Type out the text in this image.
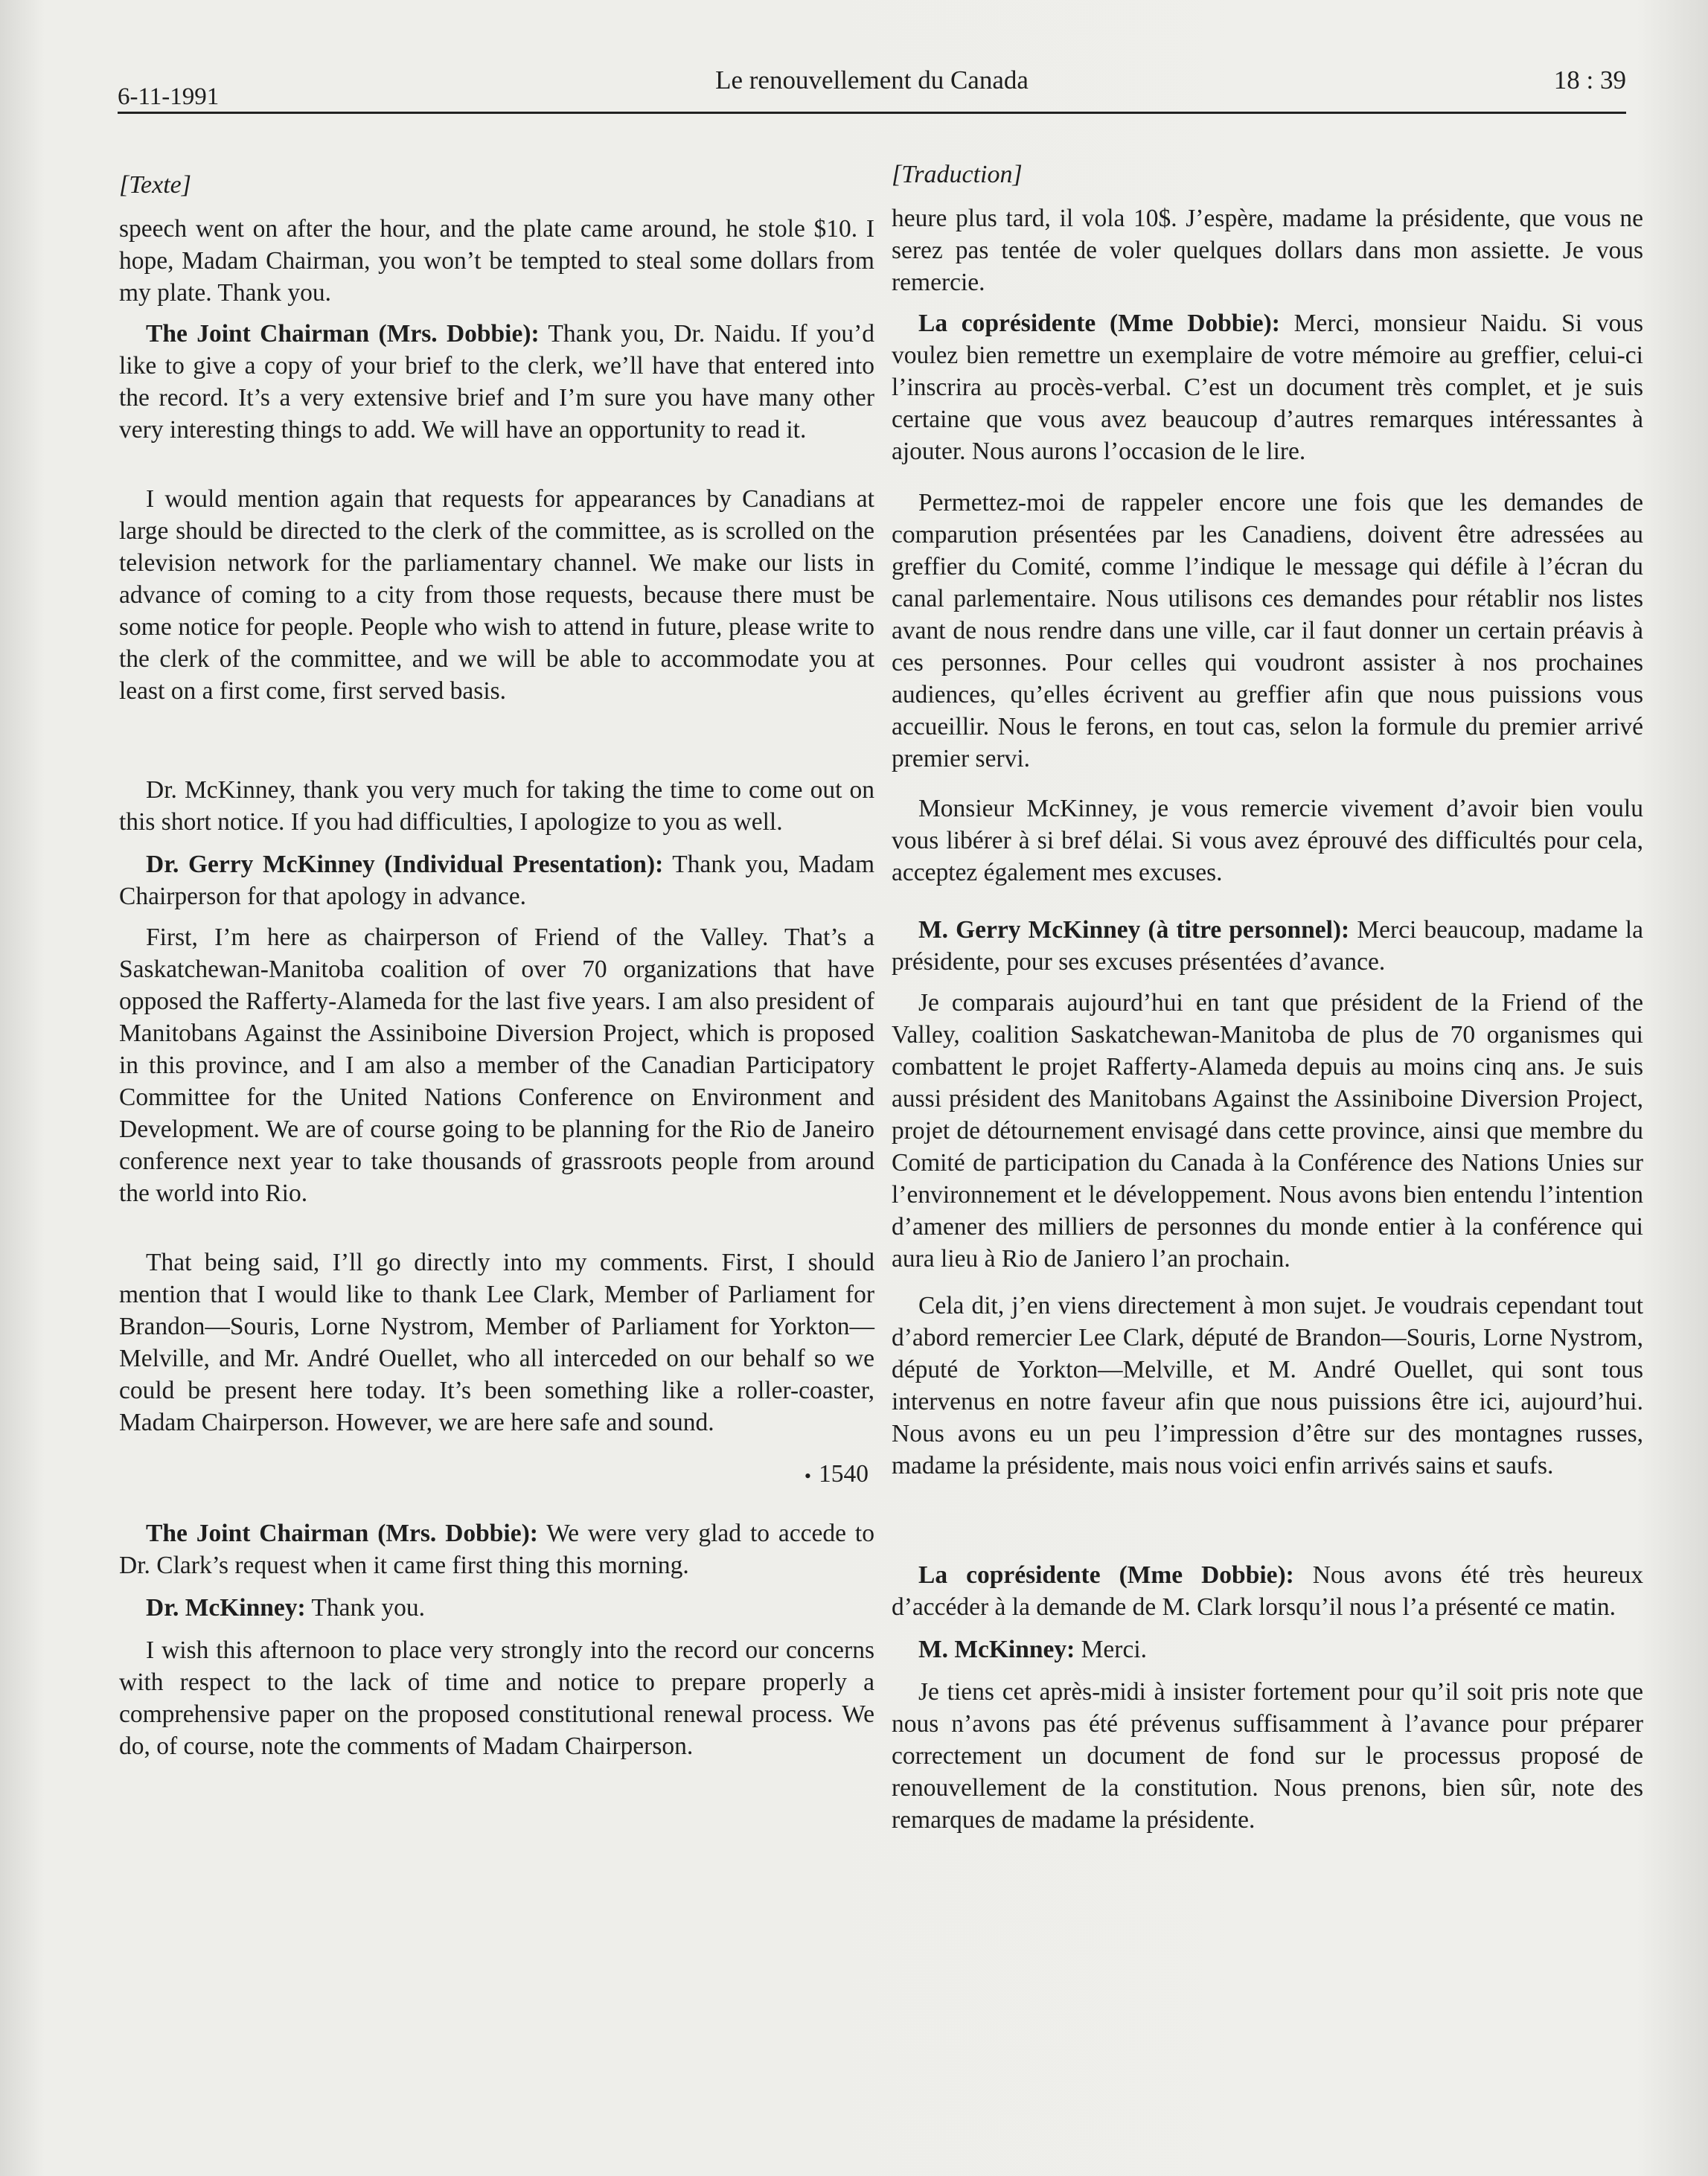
6-11-1991
Le renouvellement du Canada	18 : 39

[Texte]

speech went on after the hour, and the plate came around, he stole $10. I hope, Madam Chairman, you won’t be tempted to steal some dollars from my plate. Thank you.

The Joint Chairman (Mrs. Dobbie): Thank you, Dr. Naidu. If you’d like to give a copy of your brief to the clerk, we’ll have that entered into the record. It’s a very extensive brief and I’m sure you have many other very interesting things to add. We will have an opportunity to read it.

I would mention again that requests for appearances by Canadians at large should be directed to the clerk of the committee, as is scrolled on the television network for the parliamentary channel. We make our lists in advance of coming to a city from those requests, because there must be some notice for people. People who wish to attend in future, please write to the clerk of the committee, and we will be able to accommodate you at least on a first come, first served basis.

Dr. McKinney, thank you very much for taking the time to come out on this short notice. If you had difficulties, I apologize to you as well.

Dr. Gerry McKinney (Individual Presentation): Thank you, Madam Chairperson for that apology in advance.

First, I’m here as chairperson of Friend of the Valley. That’s a Saskatchewan-Manitoba coalition of over 70 organizations that have opposed the Rafferty-Alameda for the last five years. I am also president of Manitobans Against the Assiniboine Diversion Project, which is proposed in this province, and I am also a member of the Canadian Participatory Committee for the United Nations Conference on Environment and Development. We are of course going to be planning for the Rio de Janeiro conference next year to take thousands of grassroots people from around the world into Rio.

That being said, I’ll go directly into my comments. First, I should mention that I would like to thank Lee Clark, Member of Parliament for Brandon—Souris, Lorne Nystrom, Member of Parliament for Yorkton—Melville, and Mr. André Ouellet, who all interceded on our behalf so we could be present here today. It’s been something like a roller-coaster, Madam Chairperson. However, we are here safe and sound.

• 1540

The Joint Chairman (Mrs. Dobbie): We were very glad to accede to Dr. Clark’s request when it came first thing this morning.

Dr. McKinney: Thank you.

I wish this afternoon to place very strongly into the record our concerns with respect to the lack of time and notice to prepare properly a comprehensive paper on the proposed constitutional renewal process. We do, of course, note the comments of Madam Chairperson.

[Traduction]

heure plus tard, il vola 10$. J’espère, madame la présidente, que vous ne serez pas tentée de voler quelques dollars dans mon assiette. Je vous remercie.

La coprésidente (Mme Dobbie): Merci, monsieur Naidu. Si vous voulez bien remettre un exemplaire de votre mémoire au greffier, celui-ci l’inscrira au procès-verbal. C’est un document très complet, et je suis certaine que vous avez beaucoup d’autres remarques intéressantes à ajouter. Nous aurons l’occasion de le lire.

Permettez-moi de rappeler encore une fois que les demandes de comparution présentées par les Canadiens, doivent être adressées au greffier du Comité, comme l’indique le message qui défile à l’écran du canal parlementaire. Nous utilisons ces demandes pour rétablir nos listes avant de nous rendre dans une ville, car il faut donner un certain préavis à ces personnes. Pour celles qui voudront assister à nos prochaines audiences, qu’elles écrivent au greffier afin que nous puissions vous accueillir. Nous le ferons, en tout cas, selon la formule du premier arrivé premier servi.

Monsieur McKinney, je vous remercie vivement d’avoir bien voulu vous libérer à si bref délai. Si vous avez éprouvé des difficultés pour cela, acceptez également mes excuses.

M. Gerry McKinney (à titre personnel): Merci beaucoup, madame la présidente, pour ses excuses présentées d’avance.

Je comparais aujourd’hui en tant que président de la Friend of the Valley, coalition Saskatchewan-Manitoba de plus de 70 organismes qui combattent le projet Rafferty-Alameda depuis au moins cinq ans. Je suis aussi président des Manitobans Against the Assiniboine Diversion Project, projet de détournement envisagé dans cette province, ainsi que membre du Comité de participation du Canada à la Conférence des Nations Unies sur l’environnement et le développement. Nous avons bien entendu l’intention d’amener des milliers de personnes du monde entier à la conférence qui aura lieu à Rio de Janiero l’an prochain.

Cela dit, j’en viens directement à mon sujet. Je voudrais cependant tout d’abord remercier Lee Clark, député de Brandon—Souris, Lorne Nystrom, député de Yorkton—Melville, et M. André Ouellet, qui sont tous intervenus en notre faveur afin que nous puissions être ici, aujourd’hui. Nous avons eu un peu l’impression d’être sur des montagnes russes, madame la présidente, mais nous voici enfin arrivés sains et saufs.

La coprésidente (Mme Dobbie): Nous avons été très heureux d’accéder à la demande de M. Clark lorsqu’il nous l’a présenté ce matin.

M. McKinney: Merci.

Je tiens cet après-midi à insister fortement pour qu’il soit pris note que nous n’avons pas été prévenus suffisamment à l’avance pour préparer correctement un document de fond sur le processus proposé de renouvellement de la constitution. Nous prenons, bien sûr, note des remarques de madame la présidente.
